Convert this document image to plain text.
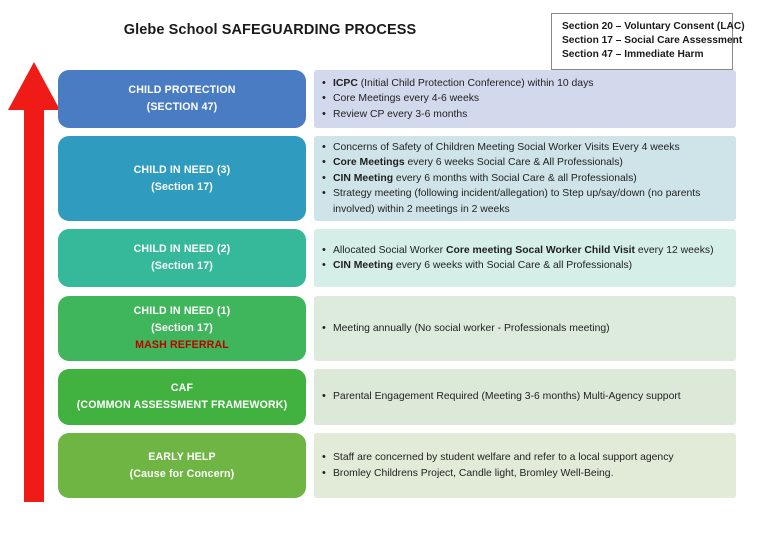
Glebe School SAFEGUARDING PROCESS	Section 20 – Voluntary Consent (LAC)
Section 17 – Social Care Assessment
Section 47 – Immediate Harm
CHILD PROTECTION
(SECTION 47)
• ICPC (Initial Child Protection Conference) within 10 days
• Core Meetings every 4-6 weeks
• Review CP every 3-6 months
CHILD IN NEED (3)
(Section 17)
• Concerns of Safety of Children Meeting Social Worker Visits Every 4 weeks
• Core Meetings every 6 weeks Social Care & All Professionals)
• CIN Meeting every 6 months with Social Care & all Professionals)
• Strategy meeting (following incident/allegation) to Step up/say/down (no parents involved) within 2 meetings in 2 weeks
CHILD IN NEED (2)
(Section 17)
• Allocated Social Worker Core meeting Socal Worker Child Visit every 12 weeks)
• CIN Meeting every 6 weeks with Social Care & all Professionals)
CHILD IN NEED (1)
(Section 17)
MASH REFERRAL
• Meeting annually (No social worker - Professionals meeting)
CAF
(COMMON ASSESSMENT FRAMEWORK)
• Parental Engagement Required (Meeting 3-6 months) Multi-Agency support
EARLY HELP
(Cause for Concern)
• Staff are concerned by student welfare and refer to a local support agency
• Bromley Childrens Project, Candle light, Bromley Well-Being.
